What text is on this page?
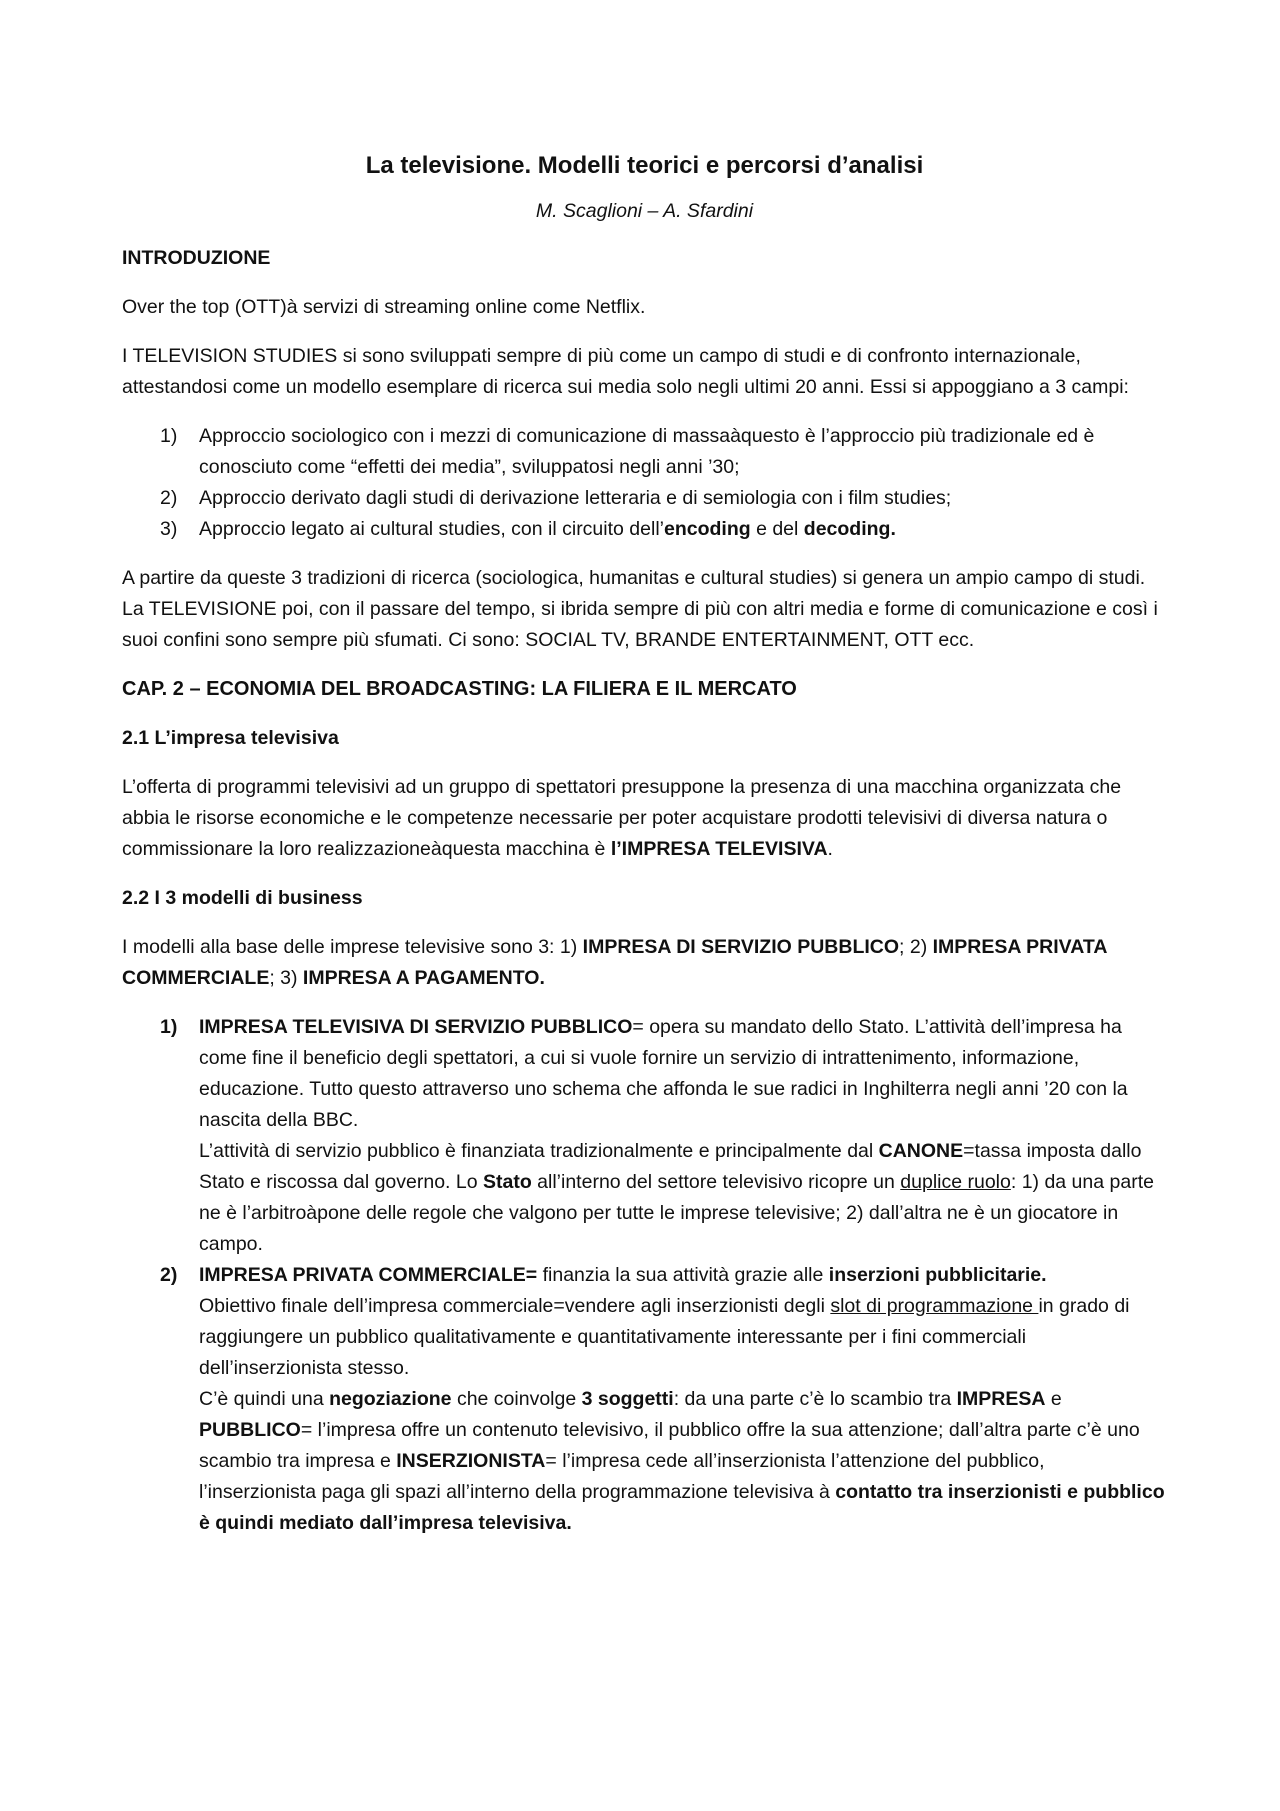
La televisione. Modelli teorici e percorsi d’analisi
M. Scaglioni – A. Sfardini
INTRODUZIONE

Over the top (OTT)à servizi di streaming online come Netflix.

I TELEVISION STUDIES si sono sviluppati sempre di più come un campo di studi e di confronto internazionale, attestandosi come un modello esemplare di ricerca sui media solo negli ultimi 20 anni. Essi si appoggiano a 3 campi:

1) Approccio sociologico con i mezzi di comunicazione di massaàquesto è l’approccio più tradizionale ed è conosciuto come “effetti dei media”, sviluppatosi negli anni ’30;
2) Approccio derivato dagli studi di derivazione letteraria e di semiologia con i film studies;
3) Approccio legato ai cultural studies, con il circuito dell’encoding e del decoding.

A partire da queste 3 tradizioni di ricerca (sociologica, humanitas e cultural studies) si genera un ampio campo di studi. La TELEVISIONE poi, con il passare del tempo, si ibrida sempre di più con altri media e forme di comunicazione e così i suoi confini sono sempre più sfumati. Ci sono: SOCIAL TV, BRANDE ENTERTAINMENT, OTT ecc.

CAP. 2 – ECONOMIA DEL BROADCASTING: LA FILIERA E IL MERCATO
2.1 L’impresa televisiva

L’offerta di programmi televisivi ad un gruppo di spettatori presuppone la presenza di una macchina organizzata che abbia le risorse economiche e le competenze necessarie per poter acquistare prodotti televisivi di diversa natura o commissionare la loro realizzazioneàquesta macchina è l’IMPRESA TELEVISIVA.

2.2 I 3 modelli di business

I modelli alla base delle imprese televisive sono 3: 1) IMPRESA DI SERVIZIO PUBBLICO; 2) IMPRESA PRIVATA COMMERCIALE; 3) IMPRESA A PAGAMENTO.

1) IMPRESA TELEVISIVA DI SERVIZIO PUBBLICO= opera su mandato dello Stato. L’attività dell’impresa ha come fine il beneficio degli spettatori, a cui si vuole fornire un servizio di intrattenimento, informazione, educazione. Tutto questo attraverso uno schema che affonda le sue radici in Inghilterra negli anni ’20 con la nascita della BBC.
L’attività di servizio pubblico è finanziata tradizionalmente e principalmente dal CANONE=tassa imposta dallo Stato e riscossa dal governo. Lo Stato all’interno del settore televisivo ricopre un duplice ruolo: 1) da una parte ne è l’arbitroàpone delle regole che valgono per tutte le imprese televisive; 2) dall’altra ne è un giocatore in campo.
2) IMPRESA PRIVATA COMMERCIALE= finanzia la sua attività grazie alle inserzioni pubblicitarie.
Obiettivo finale dell’impresa commerciale=vendere agli inserzionisti degli slot di programmazione in grado di raggiungere un pubblico qualitativamente e quantitativamente interessante per i fini commerciali dell’inserzionista stesso.
C’è quindi una negoziazione che coinvolge 3 soggetti: da una parte c’è lo scambio tra IMPRESA e PUBBLICO= l’impresa offre un contenuto televisivo, il pubblico offre la sua attenzione; dall’altra parte c’è uno scambio tra impresa e INSERZIONISTA= l’impresa cede all’inserzionista l’attenzione del pubblico, l’inserzionista paga gli spazi all’interno della programmazione televisiva à contatto tra inserzionisti e pubblico è quindi mediato dall’impresa televisiva.
